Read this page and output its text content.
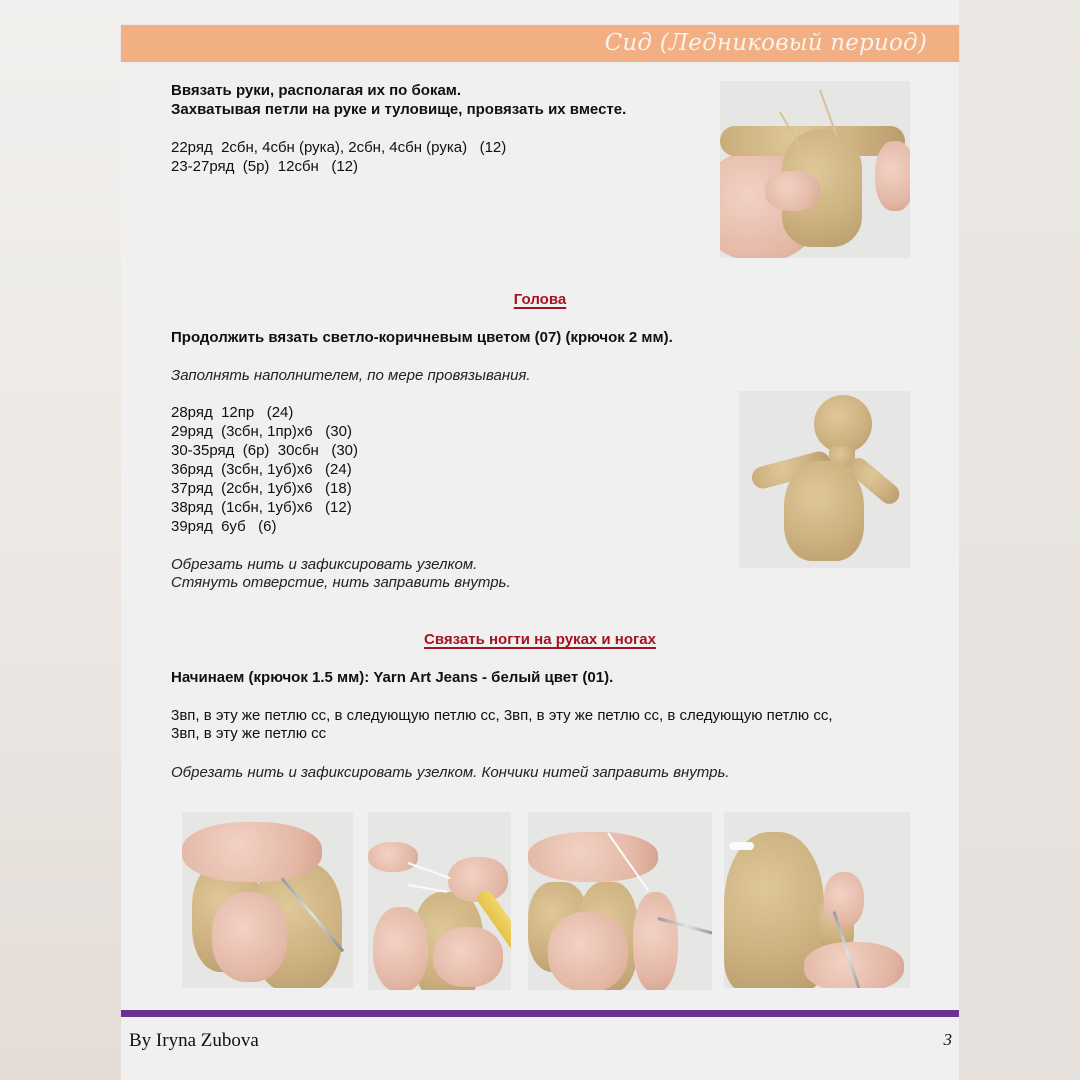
Сид (Ледниковый период)
Ввязать руки, располагая их по бокам.
Захватывая петли на руке и туловище, провязать их вместе.
22ряд  2сбн, 4сбн (рука), 2сбн, 4сбн (рука)   (12)
23-27ряд  (5р)  12сбн   (12)
Голова
Продолжить вязать светло-коричневым цветом (07) (крючок 2 мм).
Заполнять наполнителем, по мере провязывания.
28ряд  12пр   (24)
29ряд  (3сбн, 1пр)х6   (30)
30-35ряд  (6р)  30сбн   (30)
36ряд  (3сбн, 1уб)х6   (24)
37ряд  (2сбн, 1уб)х6   (18)
38ряд  (1сбн, 1уб)х6   (12)
39ряд  6уб   (6)
Обрезать нить и зафиксировать узелком.
Стянуть отверстие, нить заправить внутрь.
Связать ногти на руках и ногах
Начинаем (крючок 1.5 мм): Yarn Art Jeans - белый цвет (01).
3вп, в эту же петлю сс, в следующую петлю сс, 3вп, в эту же петлю сс, в следующую петлю сс,
3вп, в эту же петлю сс
Обрезать нить и зафиксировать узелком. Кончики нитей заправить внутрь.
By Iryna Zubova	3
